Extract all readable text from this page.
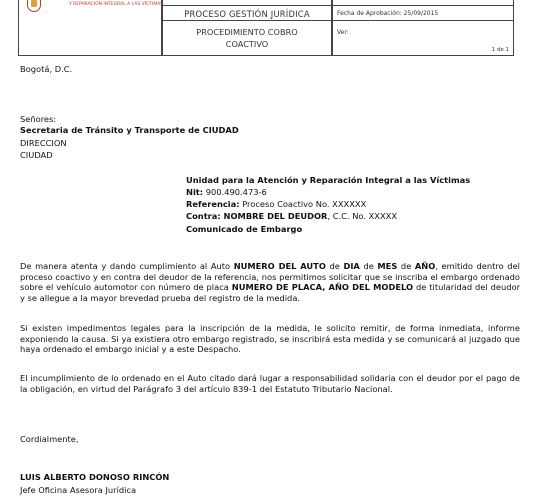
Y REPARACIÓN INTEGRAL A LAS VÍCTIMAS
PROCESO GESTIÓN JURÍDICA	Fecha de Aprobación: 25/09/2015
PROCEDIMIENTO COBRO
COACTIVO
Ver:
1 de 1
Bogotá, D.C.
Señores:
Secretaria de Tránsito y Transporte de CIUDAD
DIRECCION
CIUDAD
Unidad para la Atención y Reparación Integral a las Víctimas
Nit: 900.490.473-6
Referencia: Proceso Coactivo No. XXXXXX
Contra: NOMBRE DEL DEUDOR, C.C. No. XXXXX
Comunicado de Embargo
De manera atenta y dando cumplimiento al Auto NUMERO DEL AUTO de DIA de MES de AÑO, emitido dentro del proceso coactivo y en contra del deudor de la referencia, nos permitimos solicitar que se inscriba el embargo ordenado sobre el vehículo automotor con número de placa NUMERO DE PLACA, AÑO DEL MODELO de titularidad del deudor y se allegue a la mayor brevedad prueba del registro de la medida.
Si existen impedimentos legales para la inscripción de la medida, le solicito remitir, de forma inmediata, informe exponiendo la causa. Si ya existiera otro embargo registrado, se inscribirá esta medida y se comunicará al juzgado que haya ordenado el embargo inicial y a este Despacho.
El incumplimiento de lo ordenado en el Auto citado dará lugar a responsabilidad solidaria con el deudor por el pago de la obligación, en virtud del Parágrafo 3 del artículo 839-1 del Estatuto Tributario Nacional.
Cordialmente,
LUIS ALBERTO DONOSO RINCÓN
Jefe Oficina Asesora Jurídica
